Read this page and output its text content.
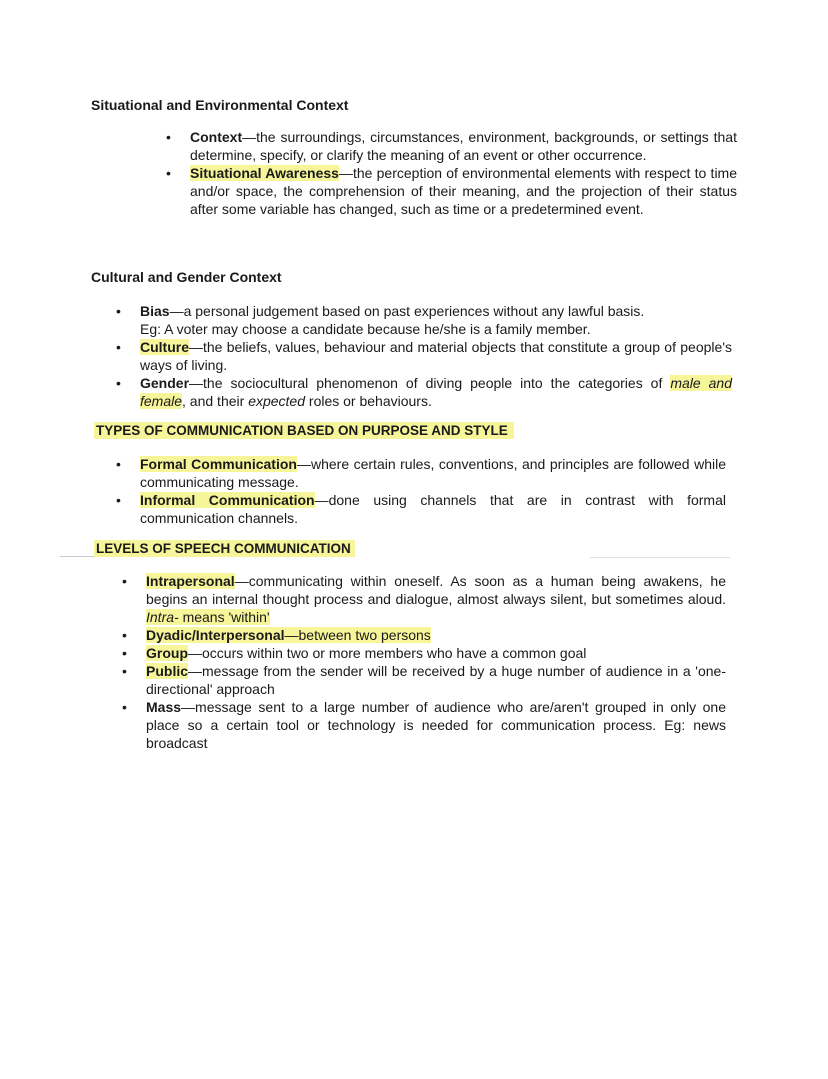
Situational and Environmental Context
• Context—the surroundings, circumstances, environment, backgrounds, or settings that determine, specify, or clarify the meaning of an event or other occurrence.
• Situational Awareness—the perception of environmental elements with respect to time and/or space, the comprehension of their meaning, and the projection of their status after some variable has changed, such as time or a predetermined event.
Cultural and Gender Context
• Bias—a personal judgement based on past experiences without any lawful basis.
Eg: A voter may choose a candidate because he/she is a family member.
• Culture—the beliefs, values, behaviour and material objects that constitute a group of people's ways of living.
• Gender—the sociocultural phenomenon of diving people into the categories of male and female, and their expected roles or behaviours.
TYPES OF COMMUNICATION BASED ON PURPOSE AND STYLE
• Formal Communication—where certain rules, conventions, and principles are followed while communicating message.
• Informal Communication—done using channels that are in contrast with formal communication channels.
LEVELS OF SPEECH COMMUNICATION
• Intrapersonal—communicating within oneself. As soon as a human being awakens, he begins an internal thought process and dialogue, almost always silent, but sometimes aloud. Intra- means 'within'
• Dyadic/Interpersonal—between two persons
• Group—occurs within two or more members who have a common goal
• Public—message from the sender will be received by a huge number of audience in a 'one-directional' approach
• Mass—message sent to a large number of audience who are/aren't grouped in only one place so a certain tool or technology is needed for communication process. Eg: news broadcast
